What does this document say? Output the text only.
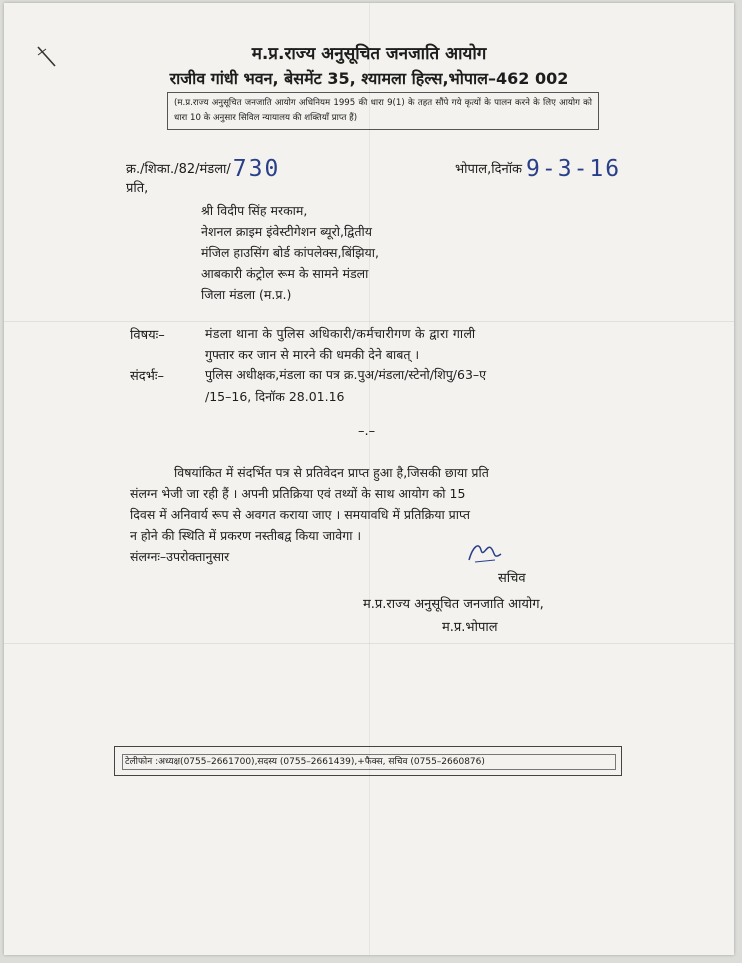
म.प्र.राज्य अनुसूचित जनजाति आयोग
राजीव गांधी भवन, बेसमेंट 35, श्यामला हिल्स,भोपाल–462 002
(म.प्र.राज्य अनुसूचित जनजाति आयोग अधिनियम 1995 की धारा 9(1) के तहत सौंपे गये कृत्यों के पालन करने के लिए आयोग को धारा 10 के अनुसार सिविल न्यायालय की शक्तियाँ प्राप्त हैं)
क्र./शिका./82/मंडला/730	भोपाल,दिनॉक 9-3-16
प्रति,
श्री विदीप सिंह मरकाम,
नेशनल क्राइम इंवेस्टीगेशन ब्यूरो,द्वितीय
मंजिल हाउसिंग बोर्ड कांपलेक्स,बिंझिया,
आबकारी कंट्रोल रूम के सामने मंडला
जिला मंडला (म.प्र.)
विषयः–	मंडला थाना के पुलिस अधिकारी/कर्मचारीगण के द्वारा गाली
गुफ्तार कर जान से मारने की धमकी देने बाबत् ।
संदर्भः–	पुलिस अधीक्षक,मंडला का पत्र क्र.पुअ/मंडला/स्टेनो/शिपु/63–ए
/15–16, दिनॉक 28.01.16
–.–
विषयांकित में संदर्भित पत्र से प्रतिवेदन प्राप्त हुआ है,जिसकी छाया प्रति
संलग्न भेजी जा रही हैं । अपनी प्रतिक्रिया एवं तथ्यों के साथ आयोग को 15
दिवस में अनिवार्य रूप से अवगत कराया जाए । समयावधि में प्रतिक्रिया प्राप्त
न होने की स्थिति में प्रकरण नस्तीबद्व किया जावेगा ।
संलग्नः–उपरोक्तानुसार
सचिव
म.प्र.राज्य अनुसूचित जनजाति आयोग,
म.प्र.भोपाल
टेलीफोन :अध्यक्ष(0755–2661700),सदस्य (0755–2661439),+फैक्स, सचिव (0755–2660876)
